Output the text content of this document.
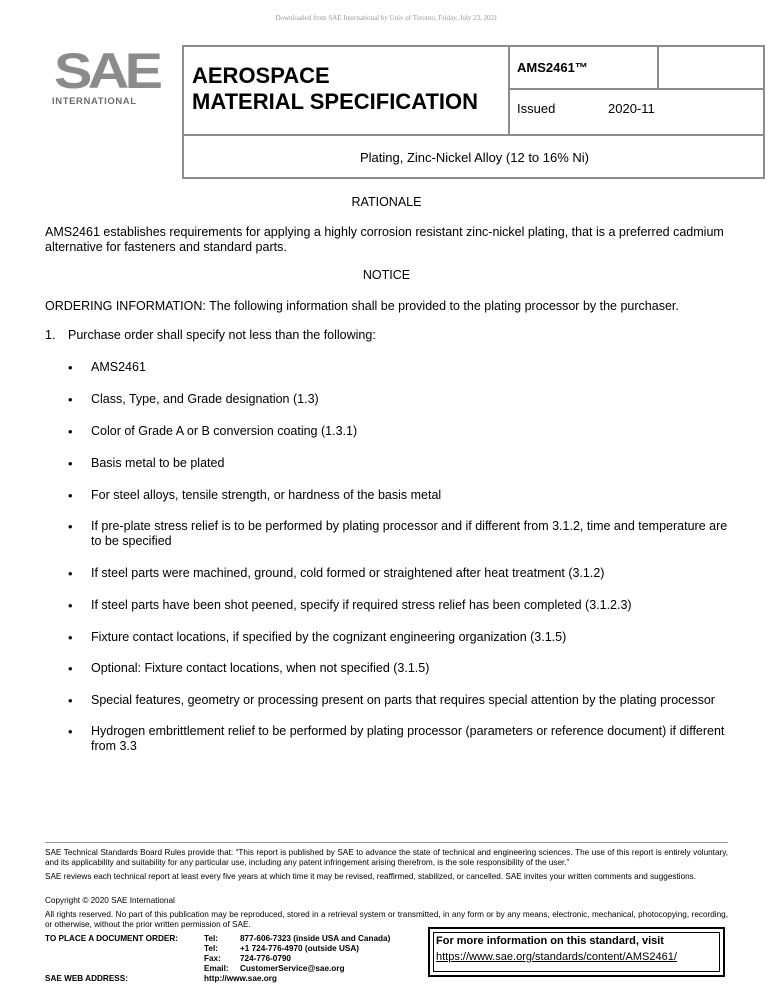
Downloaded from SAE International by Univ of Toronto, Friday, July 23, 2021
SAE
INTERNATIONAL
AEROSPACE
MATERIAL SPECIFICATION
AMS2461™
Issued	2020-11
Plating, Zinc-Nickel Alloy (12 to 16% Ni)
RATIONALE
AMS2461 establishes requirements for applying a highly corrosion resistant zinc-nickel plating, that is a preferred cadmium
alternative for fasteners and standard parts.
NOTICE
ORDERING INFORMATION: The following information shall be provided to the plating processor by the purchaser.
1. Purchase order shall specify not less than the following:
• AMS2461
• Class, Type, and Grade designation (1.3)
• Color of Grade A or B conversion coating (1.3.1)
• Basis metal to be plated
• For steel alloys, tensile strength, or hardness of the basis metal
• If pre-plate stress relief is to be performed by plating processor and if different from 3.1.2, time and temperature are
to be specified
• If steel parts were machined, ground, cold formed or straightened after heat treatment (3.1.2)
• If steel parts have been shot peened, specify if required stress relief has been completed (3.1.2.3)
• Fixture contact locations, if specified by the cognizant engineering organization (3.1.5)
• Optional: Fixture contact locations, when not specified (3.1.5)
• Special features, geometry or processing present on parts that requires special attention by the plating processor
• Hydrogen embrittlement relief to be performed by plating processor (parameters or reference document) if different
from 3.3
SAE Technical Standards Board Rules provide that: “This report is published by SAE to advance the state of technical and engineering sciences. The use of this report is entirely voluntary, and its applicability and suitability for any particular use, including any patent infringement arising therefrom, is the sole responsibility of the user.”
SAE reviews each technical report at least every five years at which time it may be revised, reaffirmed, stabilized, or cancelled. SAE invites your written comments and suggestions.
Copyright © 2020 SAE International
All rights reserved. No part of this publication may be reproduced, stored in a retrieval system or transmitted, in any form or by any means, electronic, mechanical, photocopying, recording, or otherwise, without the prior written permission of SAE.
TO PLACE A DOCUMENT ORDER:	Tel:	877-606-7323 (inside USA and Canada)
Tel:	+1 724-776-4970 (outside USA)
Fax: 724-776-0790
Email: CustomerService@sae.org
SAE WEB ADDRESS:	http://www.sae.org
For more information on this standard, visit
https://www.sae.org/standards/content/AMS2461/
